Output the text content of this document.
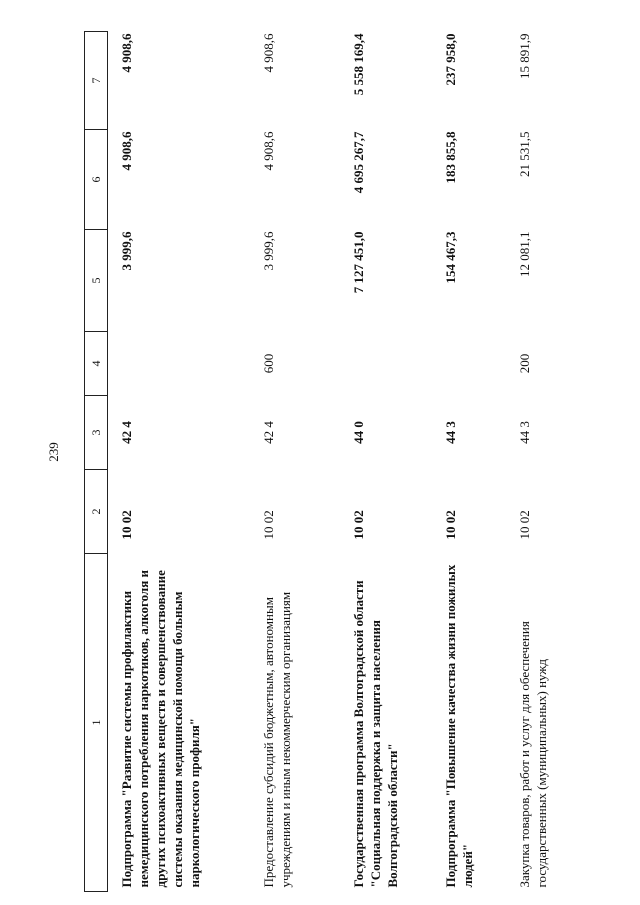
239
1	2	3	4	5	6	7
Подпрограмма "Развитие системы профилактики немедицинского потребления наркотиков, алкоголя и других психоактивных веществ и совершенствование системы оказания медицинской помощи больным наркологического профиля"	10 02	42 4		3 999,6	4 908,6	4 908,6
Предоставление субсидий бюджетным, автономным учреждениям и иным некоммерческим организациям	10 02	42 4	600	3 999,6	4 908,6	4 908,6
Государственная программа Волгоградской области "Социальная поддержка и защита населения Волгоградской области"	10 02	44 0		7 127 451,0	4 695 267,7	5 558 169,4
Подпрограмма "Повышение качества жизни пожилых людей"	10 02	44 3		154 467,3	183 855,8	237 958,0
Закупка товаров, работ и услуг для обеспечения государственных (муниципальных) нужд	10 02	44 3	200	12 081,1	21 531,5	15 891,9
